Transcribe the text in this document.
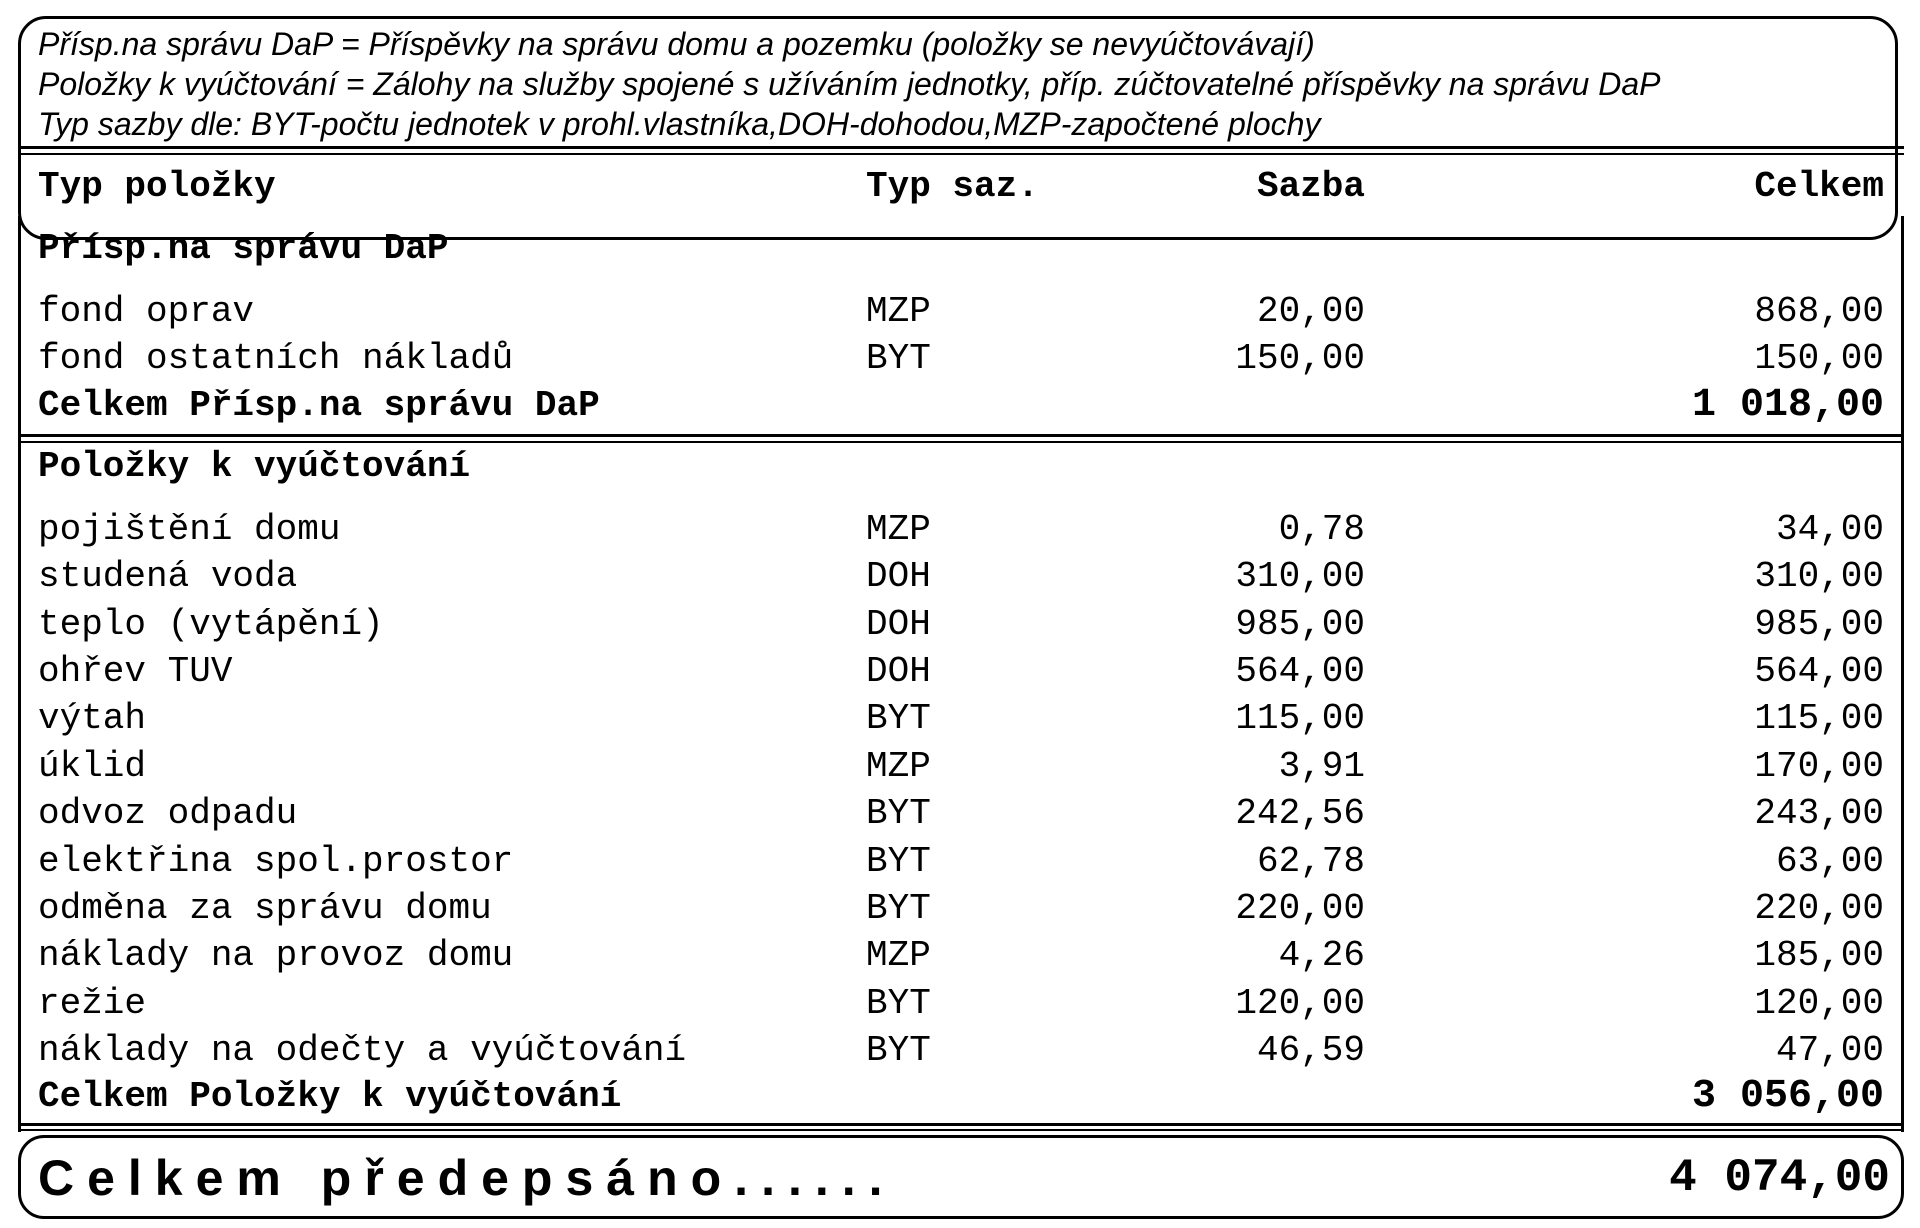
Přísp.na správu DaP = Příspěvky na správu domu a pozemku (položky se nevyúčtovávají)
Položky k vyúčtování = Zálohy na služby spojené s užíváním jednotky, příp. zúčtovatelné příspěvky na správu DaP
Typ sazby dle: BYT-počtu jednotek v prohl.vlastníka,DOH-dohodou,MZP-započtené plochy
Typ položky	Typ saz.	Sazba	Celkem
Přísp.na správu DaP
fond oprav	MZP	20,00	868,00
fond ostatních nákladů	BYT	150,00	150,00
Celkem Přísp.na správu DaP	1 018,00
Položky k vyúčtování
pojištění domu	MZP	0,78	34,00
studená voda	DOH	310,00	310,00
teplo (vytápění)	DOH	985,00	985,00
ohřev TUV	DOH	564,00	564,00
výtah	BYT	115,00	115,00
úklid	MZP	3,91	170,00
odvoz odpadu	BYT	242,56	243,00
elektřina spol.prostor	BYT	62,78	63,00
odměna za správu domu	BYT	220,00	220,00
náklady na provoz domu	MZP	4,26	185,00
režie	BYT	120,00	120,00
náklady na odečty a vyúčtování	BYT	46,59	47,00
Celkem Položky k vyúčtování	3 056,00
Celkem předepsáno......	4 074,00
